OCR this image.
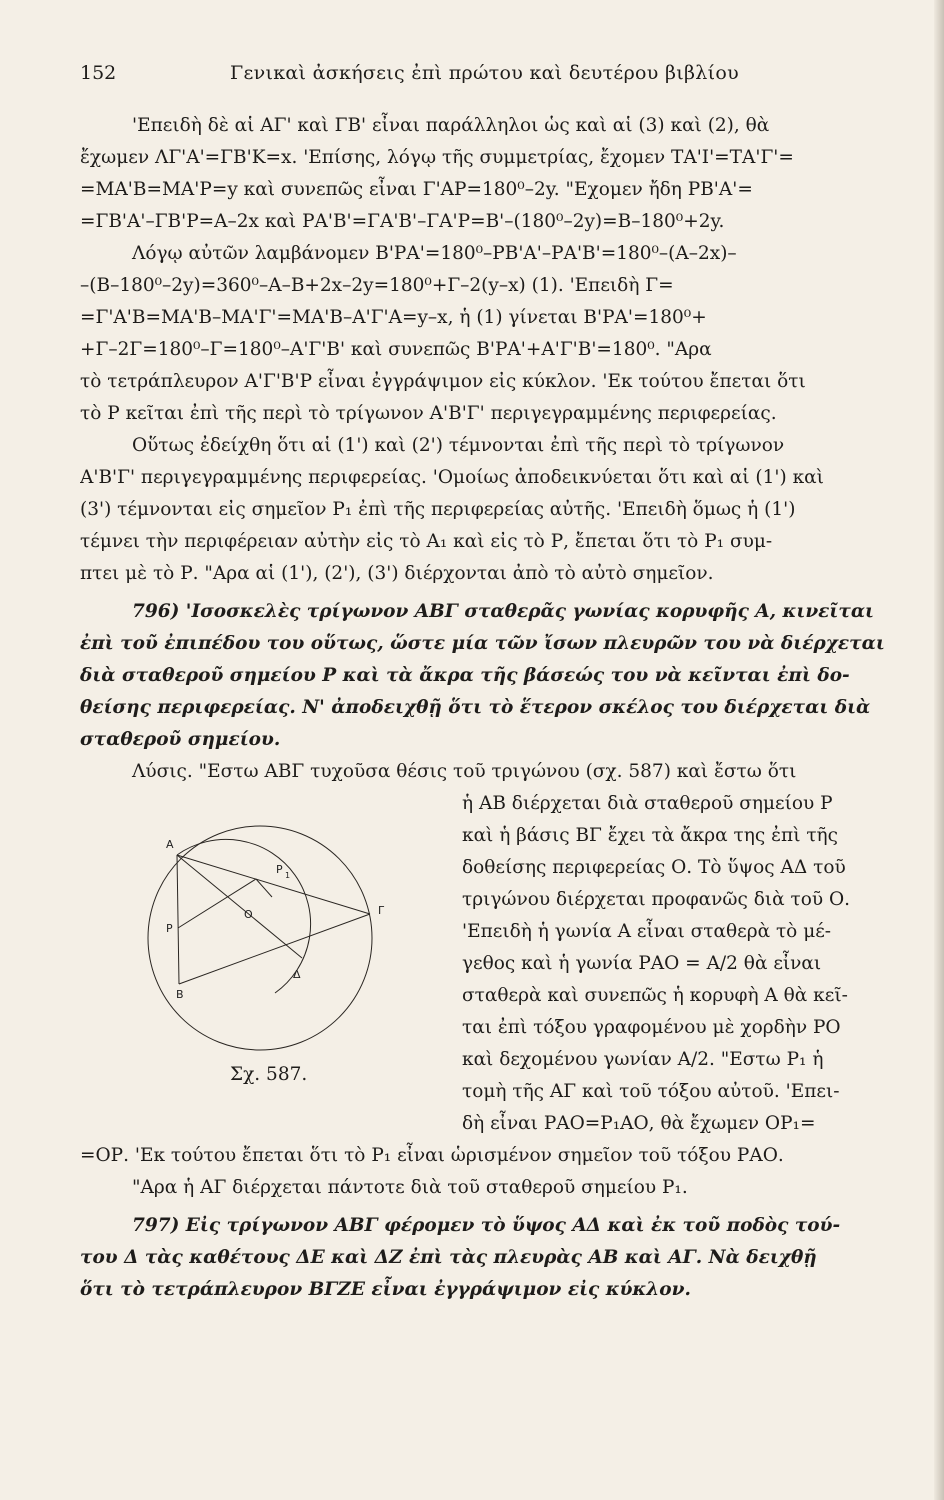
152	Γενικαὶ ἀσκήσεις ἐπὶ πρώτου καὶ δευτέρου βιβλίου
'Επειδὴ δὲ αἱ ΑΓ' καὶ ΓΒ' εἶναι παράλληλοι ὡς καὶ αἱ (3) καὶ (2), θὰ
ἔχωμεν ΛΓ'Α'=ΓΒ'Κ=x. 'Επίσης, λόγῳ τῆς συμμετρίας, ἔχομεν ΤΑ'Ι'=ΤΑ'Γ'=
=ΜΑ'Β=ΜΑ'Ρ=y καὶ συνεπῶς εἶναι Γ'ΑΡ=180⁰–2y. "Εχομεν ἤδη ΡΒ'Α'=
=ΓΒ'Α'–ΓΒ'Ρ=Α–2x καὶ ΡΑ'Β'=ΓΑ'Β'–ΓΑ'Ρ=Β'–(180⁰–2y)=Β–180⁰+2y.
Λόγῳ αὐτῶν λαμβάνομεν Β'ΡΑ'=180⁰–ΡΒ'Α'–ΡΑ'Β'=180⁰–(Α–2x)–
–(Β–180⁰–2y)=360⁰–Α–Β+2x–2y=180⁰+Γ–2(y–x) (1). 'Επειδὴ Γ=
=Γ'Α'Β=ΜΑ'Β–ΜΑ'Γ'=ΜΑ'Β–Α'Γ'Α=y–x, ἡ (1) γίνεται Β'ΡΑ'=180⁰+
+Γ–2Γ=180⁰–Γ=180⁰–Α'Γ'Β' καὶ συνεπῶς Β'ΡΑ'+Α'Γ'Β'=180⁰. "Αρα
τὸ τετράπλευρον Α'Γ'Β'Ρ εἶναι ἐγγράψιμον εἰς κύκλον. 'Εκ τούτου ἔπεται ὅτι
τὸ Ρ κεῖται ἐπὶ τῆς περὶ τὸ τρίγωνον Α'Β'Γ' περιγεγραμμένης περιφερείας.
Οὕτως ἐδείχθη ὅτι αἱ (1') καὶ (2') τέμνονται ἐπὶ τῆς περὶ τὸ τρίγωνον
Α'Β'Γ' περιγεγραμμένης περιφερείας. 'Ομοίως ἀποδεικνύεται ὅτι καὶ αἱ (1') καὶ
(3') τέμνονται εἰς σημεῖον Ρ₁ ἐπὶ τῆς περιφερείας αὐτῆς. 'Επειδὴ ὅμως ἡ (1')
τέμνει τὴν περιφέρειαν αὐτὴν εἰς τὸ Α₁ καὶ εἰς τὸ Ρ, ἔπεται ὅτι τὸ Ρ₁ συμ-
πτει μὲ τὸ Ρ. "Αρα αἱ (1'), (2'), (3') διέρχονται ἀπὸ τὸ αὐτὸ σημεῖον.
796) 'Ισοσκελὲς τρίγωνον ΑΒΓ σταθερᾶς γωνίας κορυφῆς Α, κινεῖται
ἐπὶ τοῦ ἐπιπέδου του οὕτως, ὥστε μία τῶν ἴσων πλευρῶν του νὰ διέρχεται
διὰ σταθεροῦ σημείου Ρ καὶ τὰ ἄκρα τῆς βάσεώς του νὰ κεῖνται ἐπὶ δο-
θείσης περιφερείας. Ν' ἀποδειχθῇ ὅτι τὸ ἕτερον σκέλος του διέρχεται διὰ
σταθεροῦ σημείου.
Λύσις. "Εστω ΑΒΓ τυχοῦσα θέσις τοῦ τριγώνου (σχ. 587) καὶ ἔστω ὅτι
Α
Ρ 1
Γ
Ρ
Ο
Δ
Β
Σχ. 587.
ἡ ΑΒ διέρχεται διὰ σταθεροῦ σημείου Ρ
καὶ ἡ βάσις ΒΓ ἔχει τὰ ἄκρα της ἐπὶ τῆς
δοθείσης περιφερείας Ο. Τὸ ὕψος ΑΔ τοῦ
τριγώνου διέρχεται προφανῶς διὰ τοῦ Ο.
'Επειδὴ ἡ γωνία Α εἶναι σταθερὰ τὸ μέ-
γεθος καὶ ἡ γωνία ΡΑΟ = Α/2 θὰ εἶναι
σταθερὰ καὶ συνεπῶς ἡ κορυφὴ Α θὰ κεῖ-
ται ἐπὶ τόξου γραφομένου μὲ χορδὴν ΡΟ
καὶ δεχομένου γωνίαν Α/2. "Εστω Ρ₁ ἡ
τομὴ τῆς ΑΓ καὶ τοῦ τόξου αὐτοῦ. 'Επει-
δὴ εἶναι ΡΑΟ=Ρ₁ΑΟ, θὰ ἔχωμεν ΟΡ₁=
=ΟΡ. 'Εκ τούτου ἔπεται ὅτι τὸ Ρ₁ εἶναι ὡρισμένον σημεῖον τοῦ τόξου ΡΑΟ.
"Αρα ἡ ΑΓ διέρχεται πάντοτε διὰ τοῦ σταθεροῦ σημείου Ρ₁.
797) Εἰς τρίγωνον ΑΒΓ φέρομεν τὸ ὕψος ΑΔ καὶ ἐκ τοῦ ποδὸς τού-
του Δ τὰς καθέτους ΔΕ καὶ ΔΖ ἐπὶ τὰς πλευρὰς ΑΒ καὶ ΑΓ. Νὰ δειχθῇ
ὅτι τὸ τετράπλευρον ΒΓΖΕ εἶναι ἐγγράψιμον εἰς κύκλον.
